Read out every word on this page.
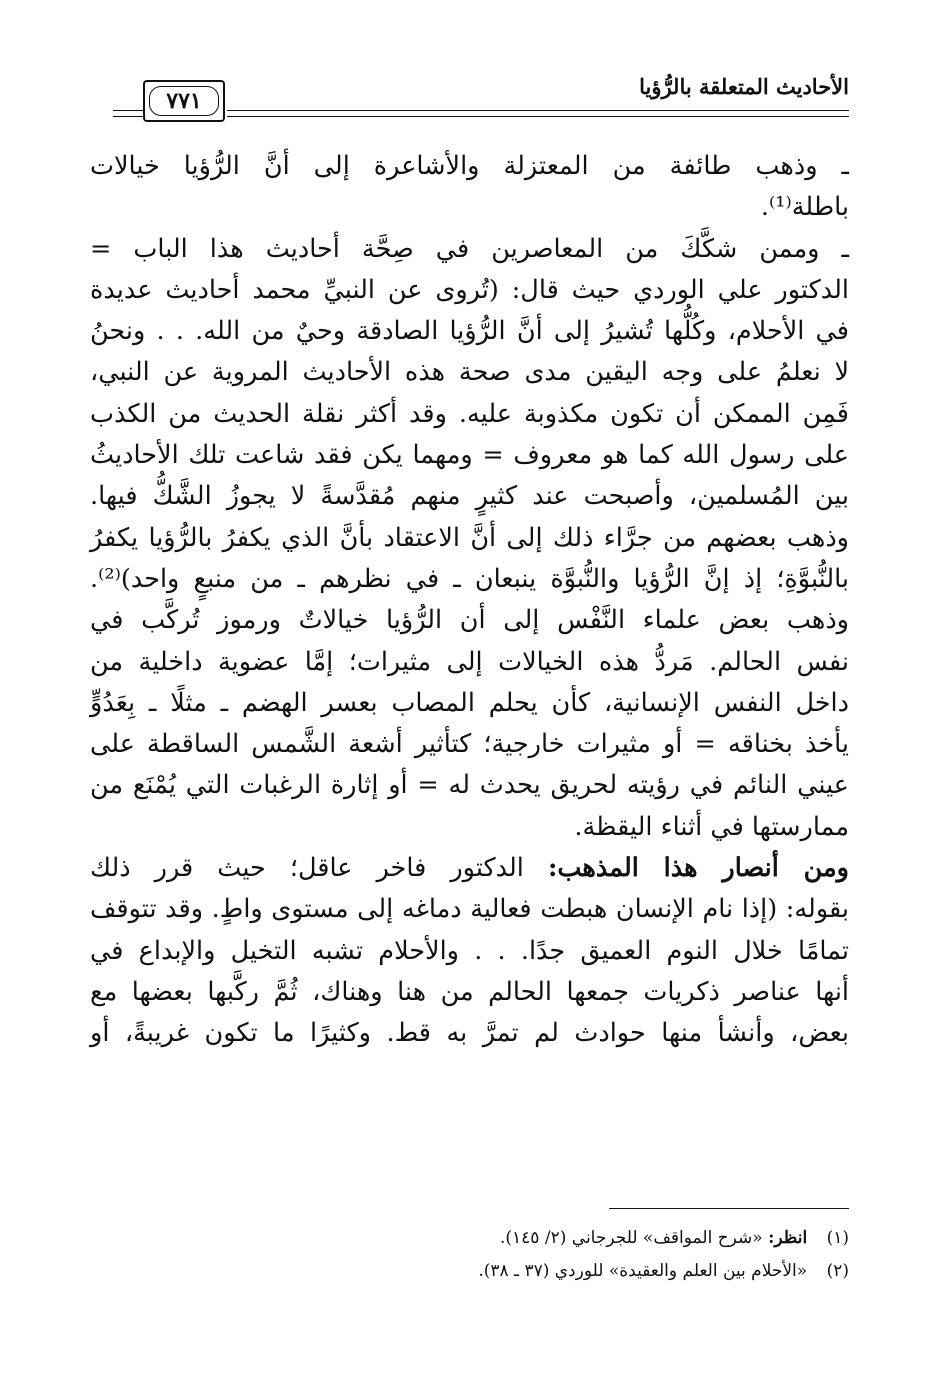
الأحاديث المتعلقة بالرُّؤيا
٧٧١
ـ وذهب طائفة من المعتزلة والأشاعرة إلى أنَّ الرُّؤيا خيالات
باطلة⁽¹⁾.
ـ وممن شكَّكَ من المعاصرين في صِحَّة أحاديث هذا الباب =
الدكتور علي الوردي حيث قال: (تُروى عن النبيِّ محمد أحاديث عديدة
في الأحلام، وكُلُّها تُشيرُ إلى أنَّ الرُّؤيا الصادقة وحيٌ من الله. . . ونحنُ
لا نعلمُ على وجه اليقين مدى صحة هذه الأحاديث المروية عن النبي،
فَمِن الممكن أن تكون مكذوبة عليه. وقد أكثر نقلة الحديث من الكذب
على رسول الله كما هو معروف = ومهما يكن فقد شاعت تلك الأحاديثُ
بين المُسلمين، وأصبحت عند كثيرٍ منهم مُقدَّسةً لا يجوزُ الشَّكُّ فيها.
وذهب بعضهم من جرَّاء ذلك إلى أنَّ الاعتقاد بأنَّ الذي يكفرُ بالرُّؤيا يكفرُ
بالنُّبوَّةِ؛ إذ إنَّ الرُّؤيا والنُّبوَّة ينبعان ـ في نظرهم ـ من منبعٍ واحد)⁽²⁾.
وذهب بعض علماء النَّفْس إلى أن الرُّؤيا خيالاتٌ ورموز تُركَّب في
نفس الحالم. مَردُّ هذه الخيالات إلى مثيرات؛ إمَّا عضوية داخلية من
داخل النفس الإنسانية، كأن يحلم المصاب بعسر الهضم ـ مثلًا ـ بِعَدُوٍّ
يأخذ بخناقه = أو مثيرات خارجية؛ كتأثير أشعة الشَّمس الساقطة على
عيني النائم في رؤيته لحريق يحدث له = أو إثارة الرغبات التي يُمْنَع من
ممارستها في أثناء اليقظة.
ومن أنصار هذا المذهب: الدكتور فاخر عاقل؛ حيث قرر ذلك
بقوله: (إذا نام الإنسان هبطت فعالية دماغه إلى مستوى واطٍ. وقد تتوقف
تمامًا خلال النوم العميق جدًا. . . والأحلام تشبه التخيل والإبداع في
أنها عناصر ذكريات جمعها الحالم من هنا وهناك، ثُمَّ ركَّبها بعضها مع
بعض، وأنشأ منها حوادث لم تمرَّ به قط. وكثيرًا ما تكون غريبةً، أو
(١) انظر: «شرح المواقف» للجرجاني (٢/ ١٤٥).
(٢) «الأحلام بين العلم والعقيدة» للوردي (٣٧ ـ ٣٨).
